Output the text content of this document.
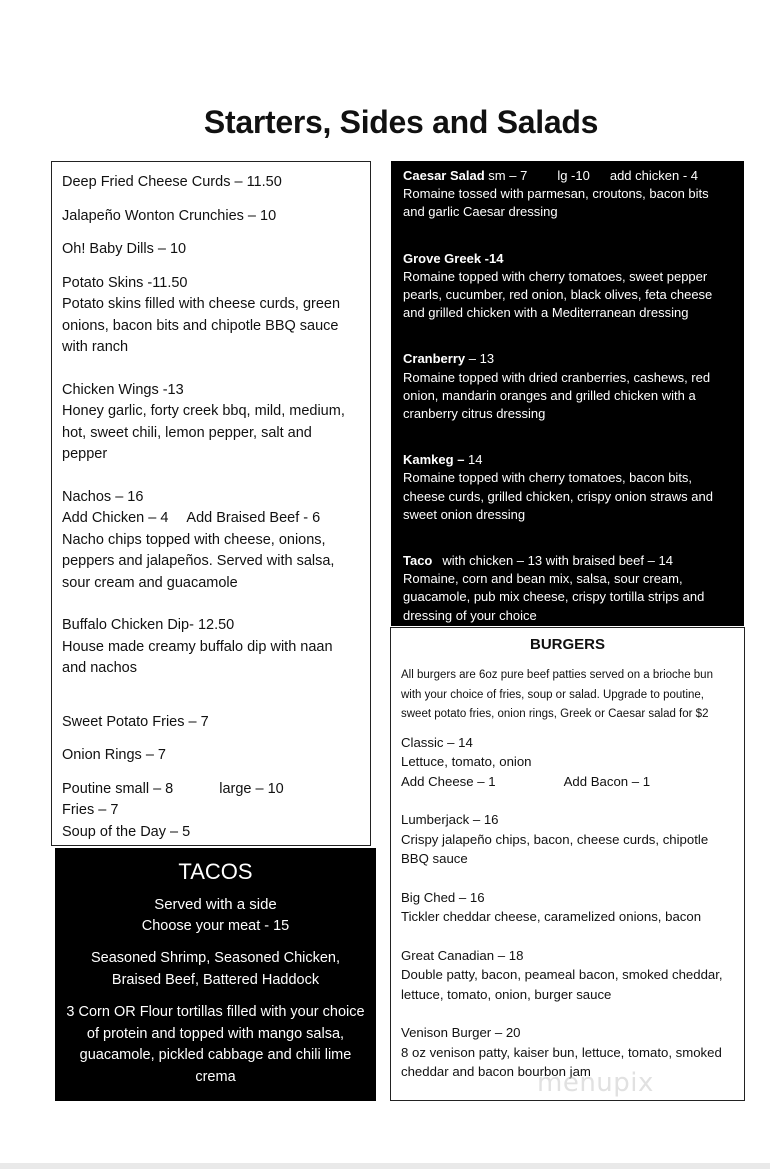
Starters, Sides and Salads

Deep Fried Cheese Curds – 11.50

Jalapeño Wonton Crunchies – 10

Oh! Baby Dills – 10

Potato Skins -11.50

Potato skins filled with cheese curds, green onions, bacon bits and chipotle BBQ sauce with ranch

Chicken Wings -13

Honey garlic, forty creek bbq, mild, medium, hot, sweet chili, lemon pepper, salt and pepper

Nachos – 16

Add Chicken – 4 Add Braised Beef - 6

Nacho chips topped with cheese, onions, peppers and jalapeños. Served with salsa, sour cream and guacamole

Buffalo Chicken Dip- 12.50

House made creamy buffalo dip with naan and nachos

Sweet Potato Fries – 7

Onion Rings – 7

Poutine small – 8	large – 10

Fries – 7

Soup of the Day – 5

Caesar Salad sm – 7 lg -10 add chicken - 4

Romaine tossed with parmesan, croutons, bacon bits and garlic Caesar dressing

Grove Greek -14

Romaine topped with cherry tomatoes, sweet pepper pearls, cucumber, red onion, black olives, feta cheese and grilled chicken with a Mediterranean dressing

Cranberry – 13

Romaine topped with dried cranberries, cashews, red onion, mandarin oranges and grilled chicken with a cranberry citrus dressing

Kamkeg – 14

Romaine topped with cherry tomatoes, bacon bits, cheese curds, grilled chicken, crispy onion straws and sweet onion dressing

Taco with chicken – 13 with braised beef – 14

Romaine, corn and bean mix, salsa, sour cream, guacamole, pub mix cheese, crispy tortilla strips and dressing of your choice

BURGERS

All burgers are 6oz pure beef patties served on a brioche bun with your choice of fries, soup or salad. Upgrade to poutine, sweet potato fries, onion rings, Greek or Caesar salad for $2

Classic – 14

Lettuce, tomato, onion

Add Cheese – 1	Add Bacon – 1

Lumberjack – 16

Crispy jalapeño chips, bacon, cheese curds, chipotle BBQ sauce

Big Ched – 16

Tickler cheddar cheese, caramelized onions, bacon

Great Canadian – 18

Double patty, bacon, peameal bacon, smoked cheddar, lettuce, tomato, onion, burger sauce

Venison Burger – 20

8 oz venison patty, kaiser bun, lettuce, tomato, smoked cheddar and bacon bourbon jam

TACOS

Served with a side

Choose your meat - 15

Seasoned Shrimp, Seasoned Chicken, Braised Beef, Battered Haddock

3 Corn OR Flour tortillas filled with your choice of protein and topped with mango salsa, guacamole, pickled cabbage and chili lime crema	menupix
